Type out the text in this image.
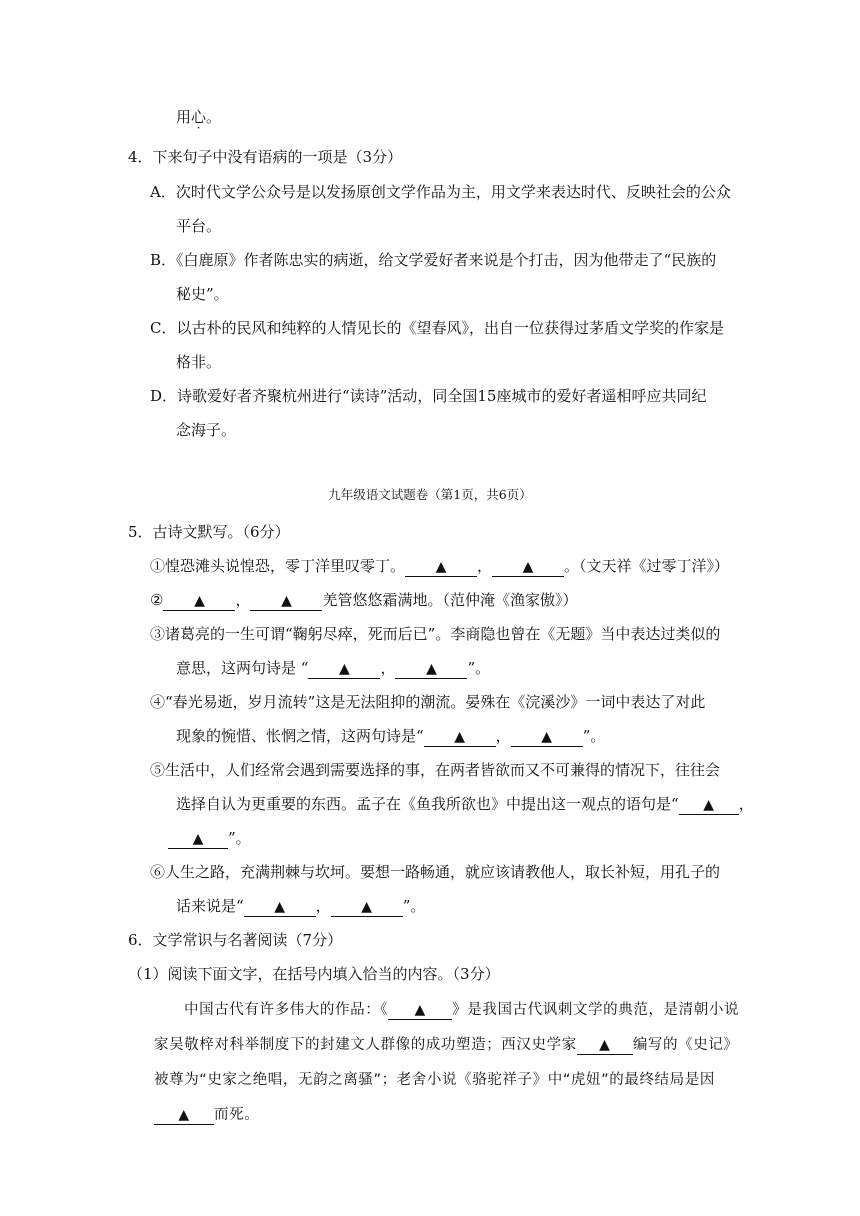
用心。
4．下来句子中没有语病的一项是（3分）
A．次时代文学公众号是以发扬原创文学作品为主，用文学来表达时代、反映社会的公众
平台。
B．《白鹿原》作者陈忠实的病逝，给文学爱好者来说是个打击，因为他带走了“民族的
秘史”。
C．以古朴的民风和纯粹的人情见长的《望春风》，出自一位获得过茅盾文学奖的作家是
格非。
D．诗歌爱好者齐聚杭州进行“读诗”活动，同全国15座城市的爱好者遥相呼应共同纪
念海子。
九年级语文试题卷（第1页，共6页）
5．古诗文默写。（6分）
①惶恐滩头说惶恐，零丁洋里叹零丁。 ▲ ， ▲ 。（文天祥《过零丁洋》）
② ▲ ， ▲ 羌管悠悠霜满地。（范仲淹《渔家傲》）
③诸葛亮的一生可谓“鞠躬尽瘁，死而后已”。李商隐也曾在《无题》当中表达过类似的
意思，这两句诗是 “ ▲ ， ▲ ”。
④“春光易逝，岁月流转”这是无法阻抑的潮流。晏殊在《浣溪沙》一词中表达了对此
现象的惋惜、怅惘之情，这两句诗是“ ▲ ， ▲ ”。
⑤生活中，人们经常会遇到需要选择的事，在两者皆欲而又不可兼得的情况下，往往会
选择自认为更重要的东西。孟子在《鱼我所欲也》中提出这一观点的语句是“ ▲ ，
▲ ”。
⑥人生之路，充满荆棘与坎坷。要想一路畅通，就应该请教他人，取长补短，用孔子的
话来说是“ ▲ ， ▲ ”。
6．文学常识与名著阅读（7分）
（1）阅读下面文字，在括号内填入恰当的内容。（3分）
中国古代有许多伟大的作品：《 ▲ 》是我国古代讽刺文学的典范，是清朝小说
家吴敬梓对科举制度下的封建文人群像的成功塑造；西汉史学家 ▲ 编写的《史记》
被尊为“史家之绝唱，无韵之离骚”；老舍小说《骆驼祥子》中“虎妞”的最终结局是因
▲ 而死。
